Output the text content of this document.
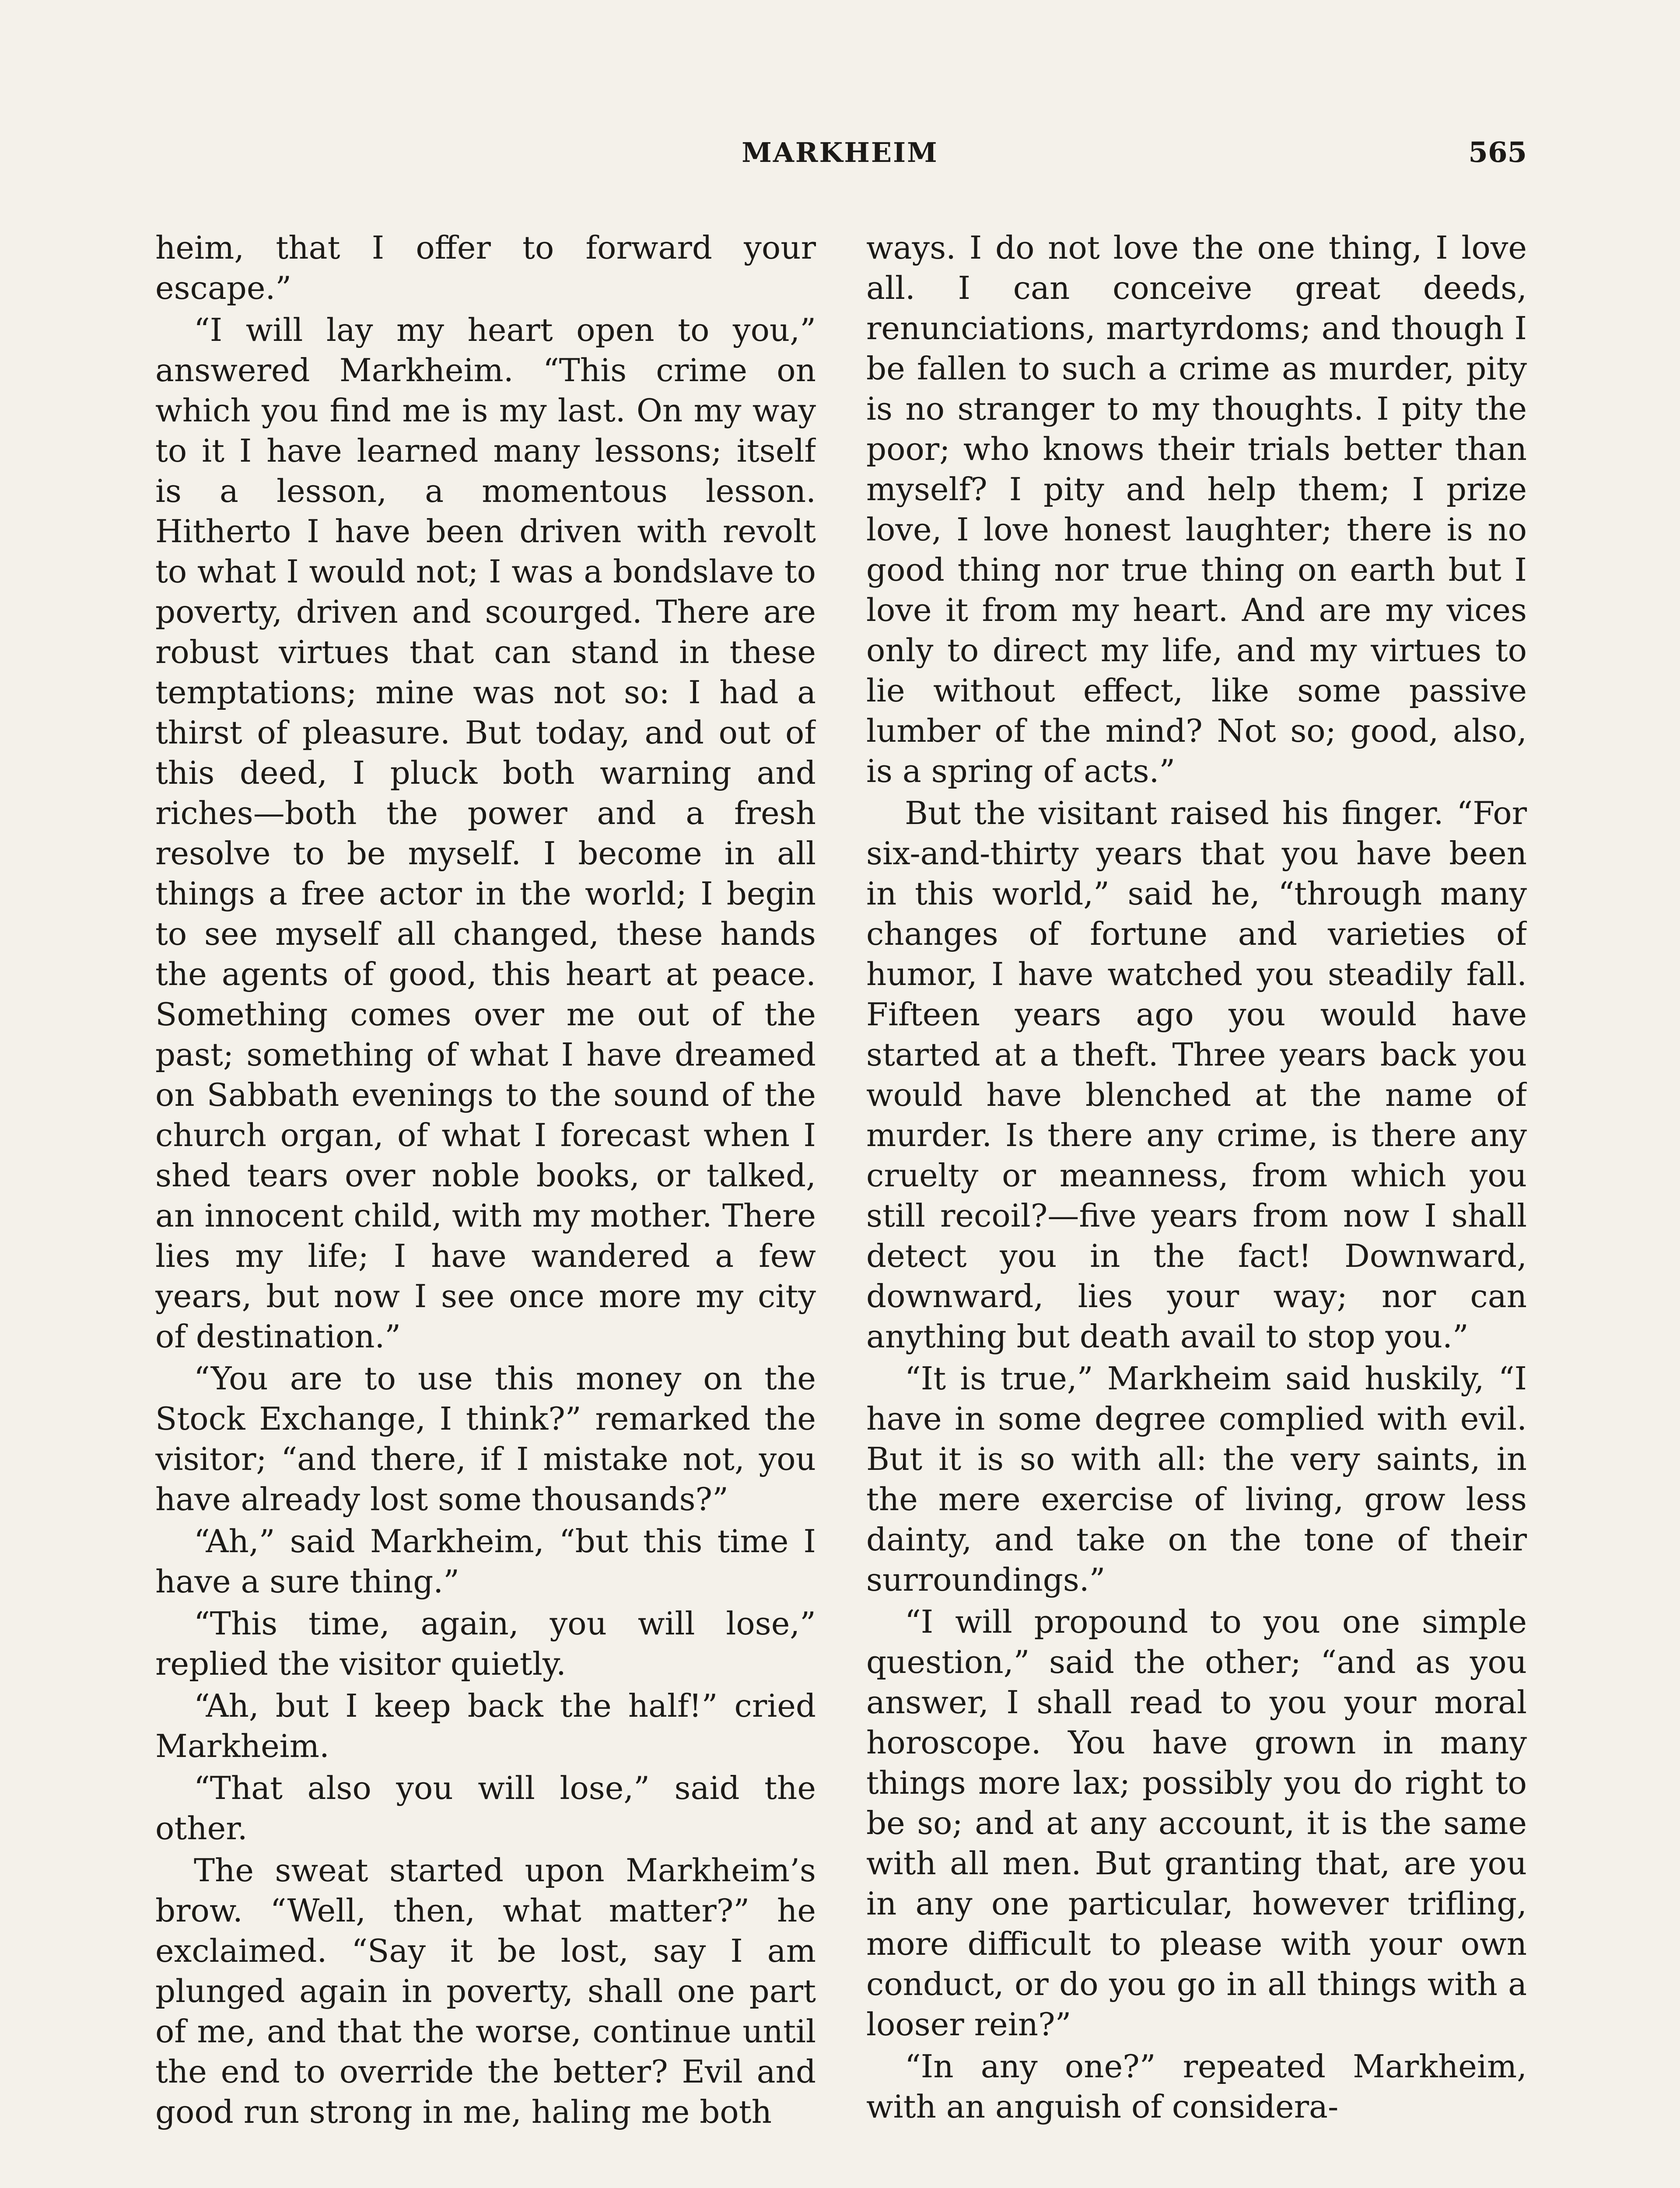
MARKHEIM	565

heim, that I offer to forward your escape.”

“I will lay my heart open to you,” answered Markheim. “This crime on which you find me is my last. On my way to it I have learned many lessons; itself is a lesson, a momentous lesson. Hitherto I have been driven with revolt to what I would not; I was a bondslave to poverty, driven and scourged. There are robust virtues that can stand in these temptations; mine was not so: I had a thirst of pleasure. But today, and out of this deed, I pluck both warning and riches—both the power and a fresh resolve to be myself. I become in all things a free actor in the world; I begin to see myself all changed, these hands the agents of good, this heart at peace. Something comes over me out of the past; something of what I have dreamed on Sabbath evenings to the sound of the church organ, of what I forecast when I shed tears over noble books, or talked, an innocent child, with my mother. There lies my life; I have wandered a few years, but now I see once more my city of destination.”

“You are to use this money on the Stock Exchange, I think?” remarked the visitor; “and there, if I mistake not, you have already lost some thousands?”

“Ah,” said Markheim, “but this time I have a sure thing.”

“This time, again, you will lose,” replied the visitor quietly.

“Ah, but I keep back the half!” cried Markheim.

“That also you will lose,” said the other.

The sweat started upon Markheim’s brow. “Well, then, what matter?” he exclaimed. “Say it be lost, say I am plunged again in poverty, shall one part of me, and that the worse, continue until the end to override the better? Evil and good run strong in me, haling me both

ways. I do not love the one thing, I love all. I can conceive great deeds, renunciations, martyrdoms; and though I be fallen to such a crime as murder, pity is no stranger to my thoughts. I pity the poor; who knows their trials better than myself? I pity and help them; I prize love, I love honest laughter; there is no good thing nor true thing on earth but I love it from my heart. And are my vices only to direct my life, and my virtues to lie without effect, like some passive lumber of the mind? Not so; good, also, is a spring of acts.”

But the visitant raised his finger. “For six-and-thirty years that you have been in this world,” said he, “through many changes of fortune and varieties of humor, I have watched you steadily fall. Fifteen years ago you would have started at a theft. Three years back you would have blenched at the name of murder. Is there any crime, is there any cruelty or meanness, from which you still recoil?—five years from now I shall detect you in the fact! Downward, downward, lies your way; nor can anything but death avail to stop you.”

“It is true,” Markheim said huskily, “I have in some degree complied with evil. But it is so with all: the very saints, in the mere exercise of living, grow less dainty, and take on the tone of their surroundings.”

“I will propound to you one simple question,” said the other; “and as you answer, I shall read to you your moral horoscope. You have grown in many things more lax; possibly you do right to be so; and at any account, it is the same with all men. But granting that, are you in any one particular, however trifling, more difficult to please with your own conduct, or do you go in all things with a looser rein?”

“In any one?” repeated Markheim, with an anguish of considera-
